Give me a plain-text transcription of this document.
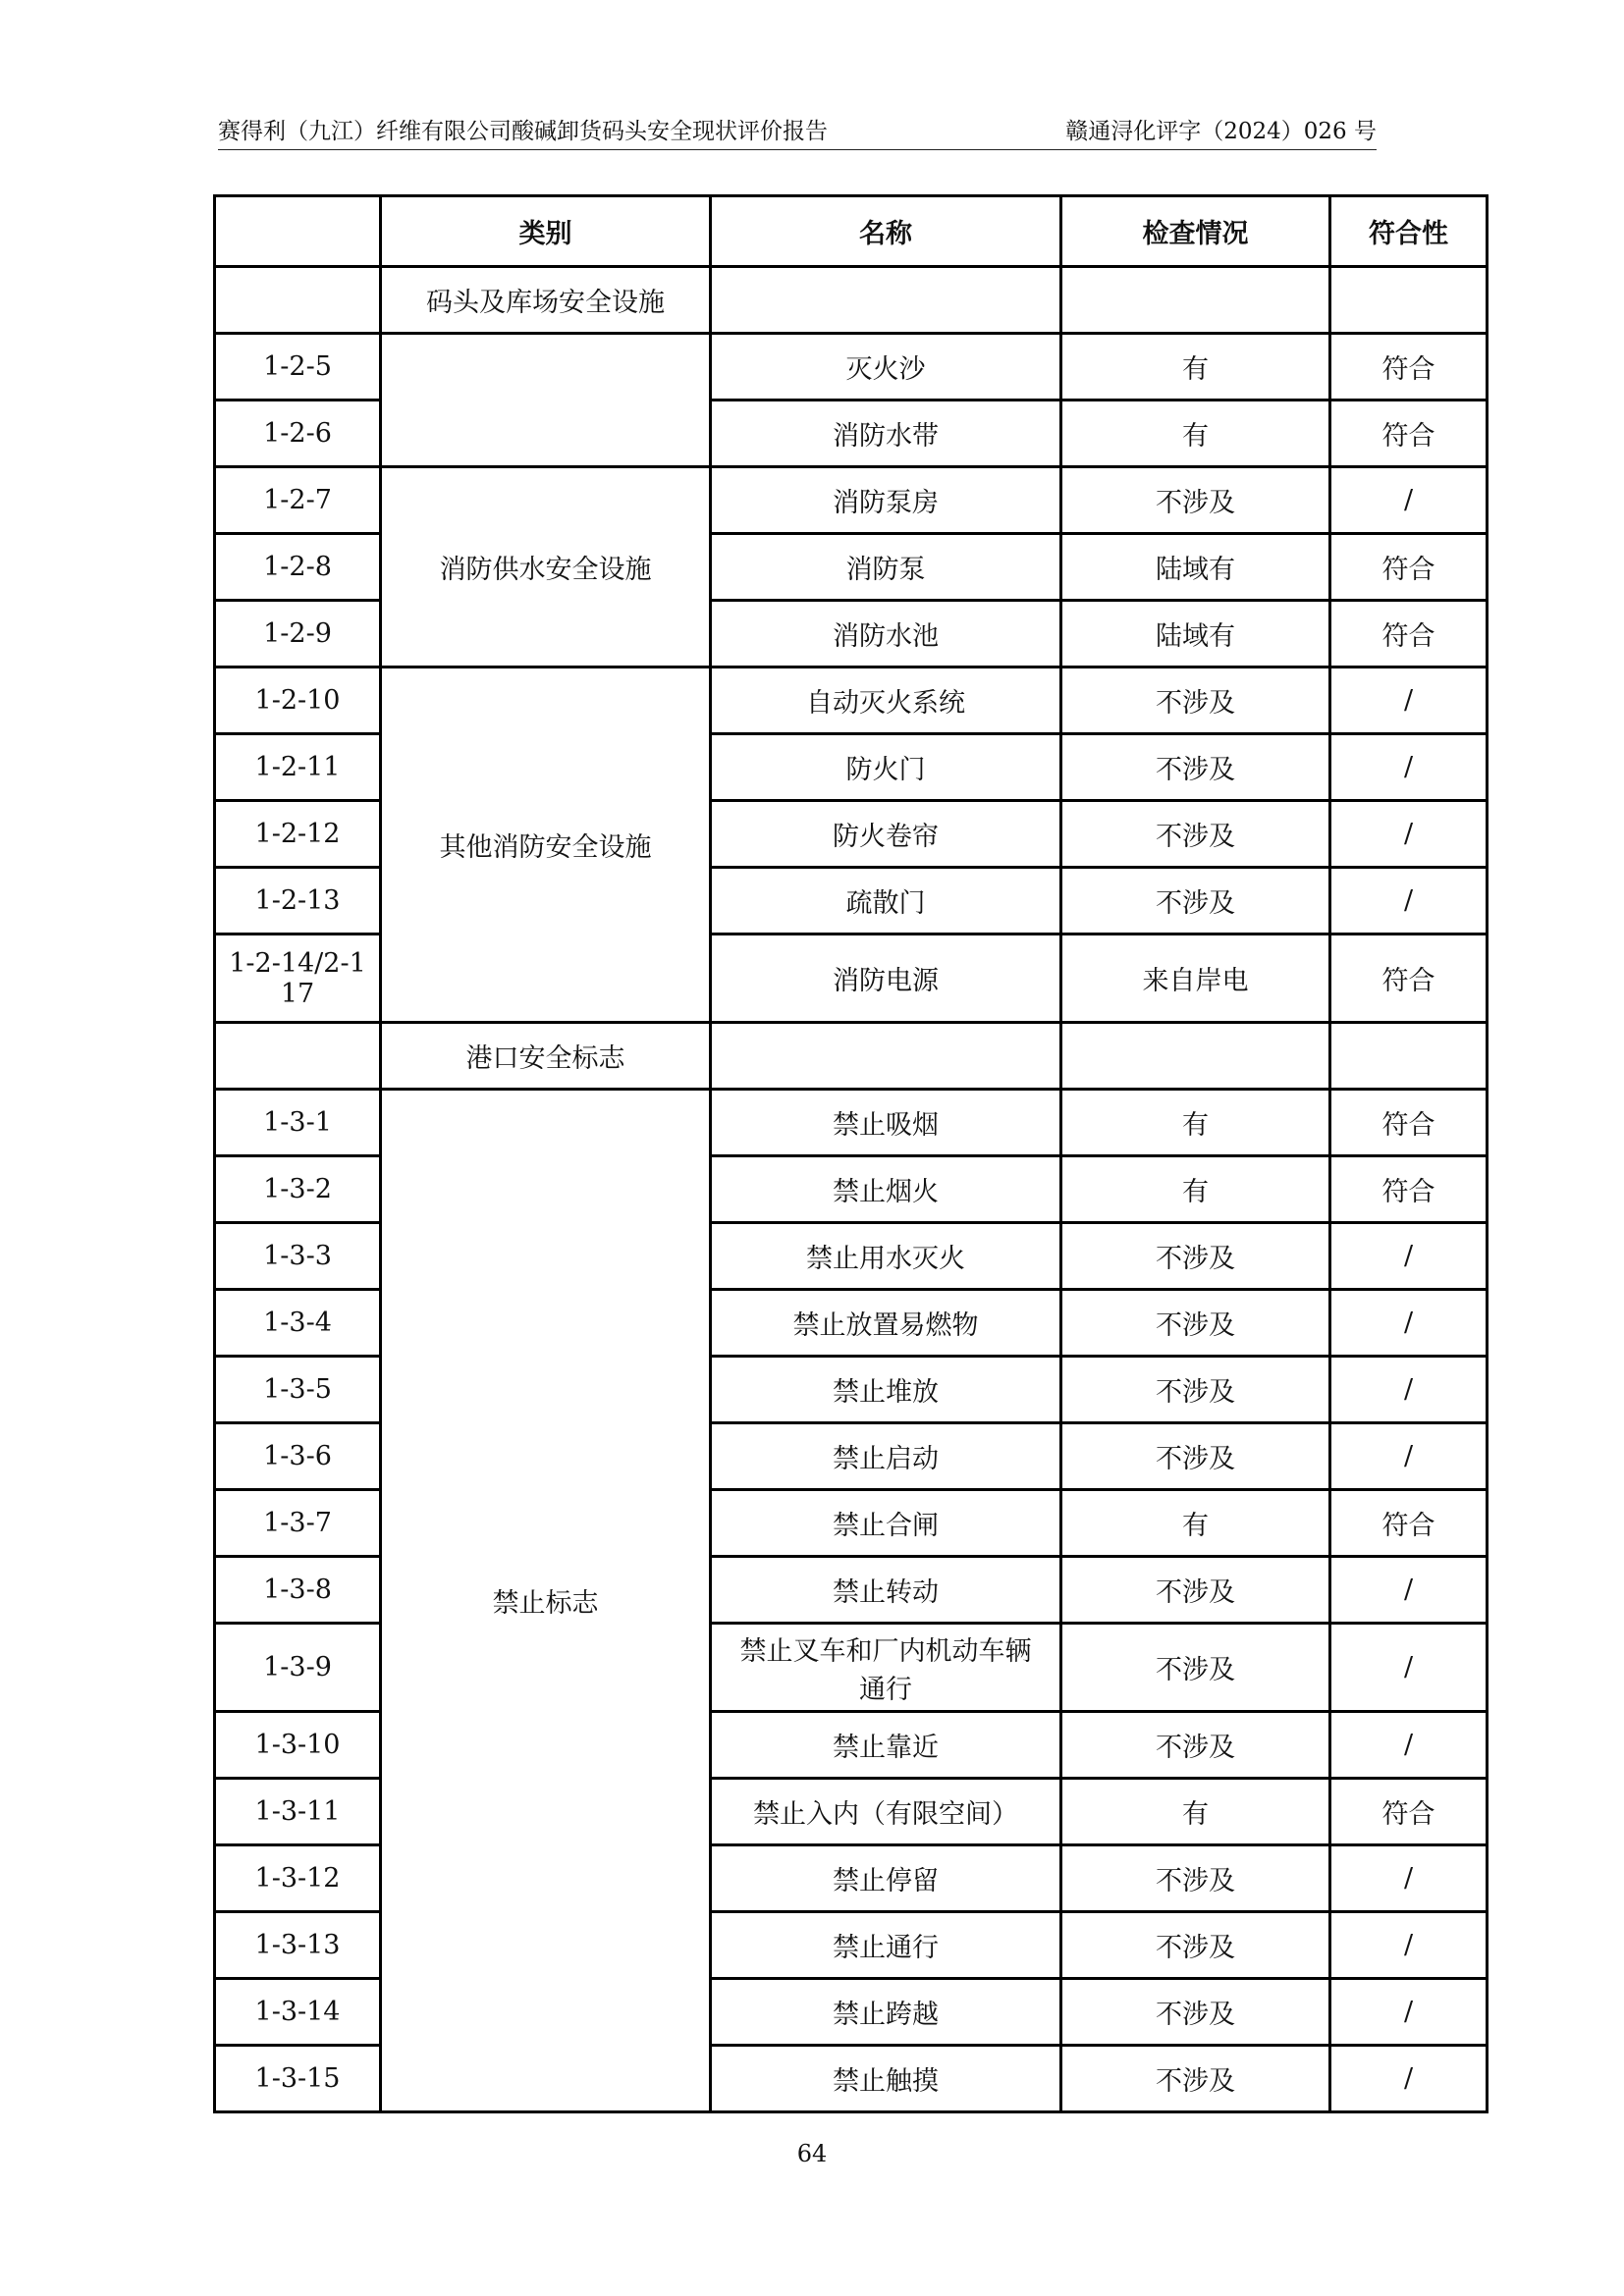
赛得利（九江）纤维有限公司酸碱卸货码头安全现状评价报告	赣通浔化评字（2024）026 号
	类别	名称	检查情况	符合性
	码头及库场安全设施			
1-2-5		灭火沙	有	符合
1-2-6		消防水带	有	符合
1-2-7	消防供水安全设施	消防泵房	不涉及	/
1-2-8		消防泵	陆域有	符合
1-2-9		消防水池	陆域有	符合
1-2-10	其他消防安全设施	自动灭火系统	不涉及	/
1-2-11		防火门	不涉及	/
1-2-12		防火卷帘	不涉及	/
1-2-13		疏散门	不涉及	/
1-2-14/2-1
17		消防电源	来自岸电	符合
	港口安全标志			
1-3-1	禁止标志	禁止吸烟	有	符合
1-3-2		禁止烟火	有	符合
1-3-3		禁止用水灭火	不涉及	/
1-3-4		禁止放置易燃物	不涉及	/
1-3-5		禁止堆放	不涉及	/
1-3-6		禁止启动	不涉及	/
1-3-7		禁止合闸	有	符合
1-3-8		禁止转动	不涉及	/
1-3-9		禁止叉车和厂内机动车辆
通行	不涉及	/
1-3-10		禁止靠近	不涉及	/
1-3-11		禁止入内（有限空间）	有	符合
1-3-12		禁止停留	不涉及	/
1-3-13		禁止通行	不涉及	/
1-3-14		禁止跨越	不涉及	/
1-3-15		禁止触摸	不涉及	/
64
